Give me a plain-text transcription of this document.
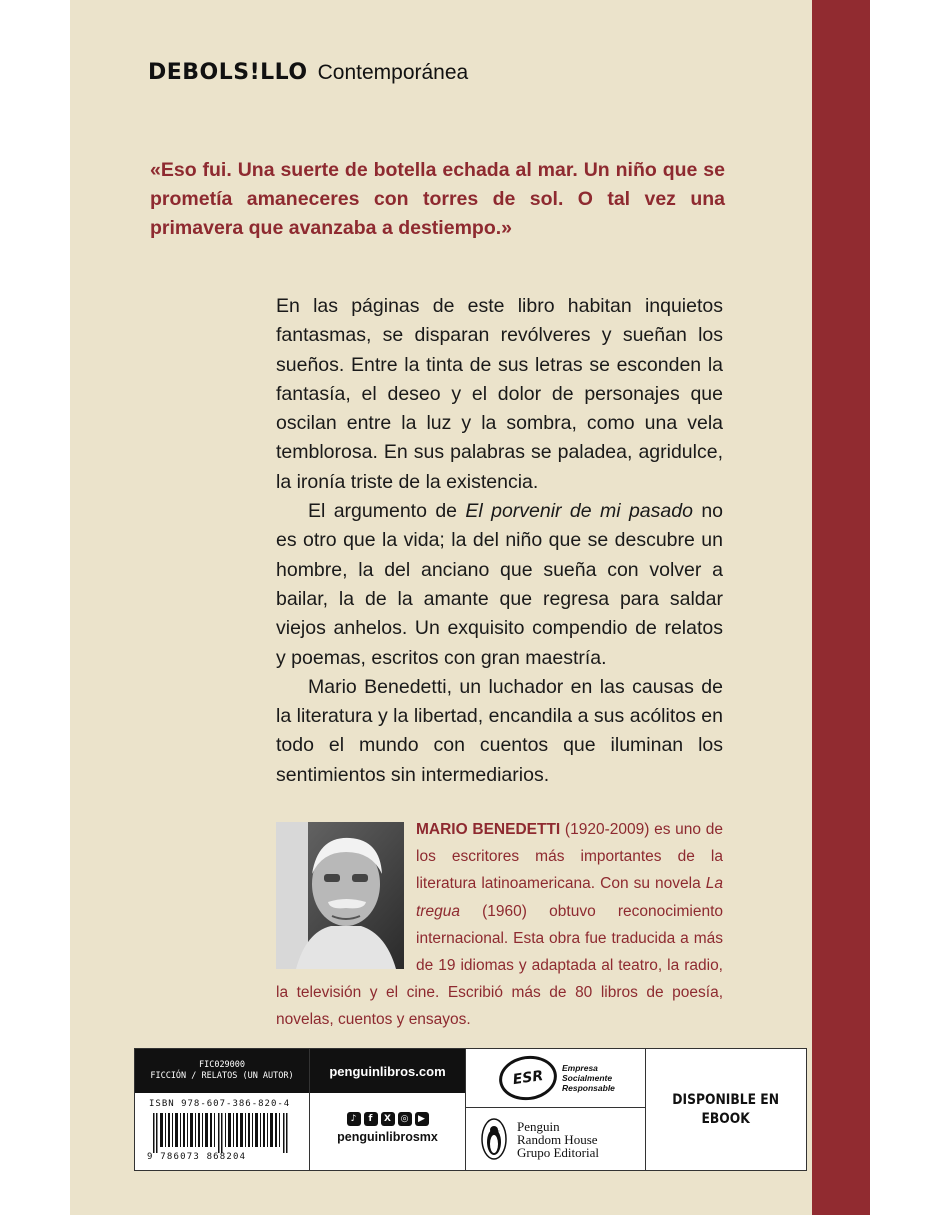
DEBOLS!LLO Contemporánea

«Eso fui. Una suerte de botella echada al mar. Un niño que se prometía amaneceres con torres de sol. O tal vez una primavera que avanzaba a destiempo.»

En las páginas de este libro habitan inquietos fantasmas, se disparan revólveres y sueñan los sueños. Entre la tinta de sus letras se esconden la fantasía, el deseo y el dolor de personajes que oscilan entre la luz y la sombra, como una vela temblorosa. En sus palabras se paladea, agridulce, la ironía triste de la existencia.

El argumento de El porvenir de mi pasado no es otro que la vida; la del niño que se descubre un hombre, la del anciano que sueña con volver a bailar, la de la amante que regresa para saldar viejos anhelos. Un exquisito compendio de relatos y poemas, escritos con gran maestría.

Mario Benedetti, un luchador en las causas de la literatura y la libertad, encandila a sus acólitos en todo el mundo con cuentos que iluminan los sentimientos sin intermediarios.

MARIO BENEDETTI (1920-2009) es uno de los escritores más importantes de la literatura latinoamericana. Con su novela La tregua (1960) obtuvo reconocimiento internacional. Esta obra fue traducida a más de 19 idiomas y adaptada al teatro, la radio, la televisión y el cine. Escribió más de 80 libros de poesía, novelas, cuentos y ensayos.

FIC029000
FICCIÓN / RELATOS (UN AUTOR)
ISBN 978-607-386-820-4
9 786073 868204
penguinlibros.com
♪	f	X	◎	▶
penguinlibrosmx
ESR	Empresa
Socialmente
Responsable
Penguin
Random House
Grupo Editorial
DISPONIBLE EN
EBOOK
